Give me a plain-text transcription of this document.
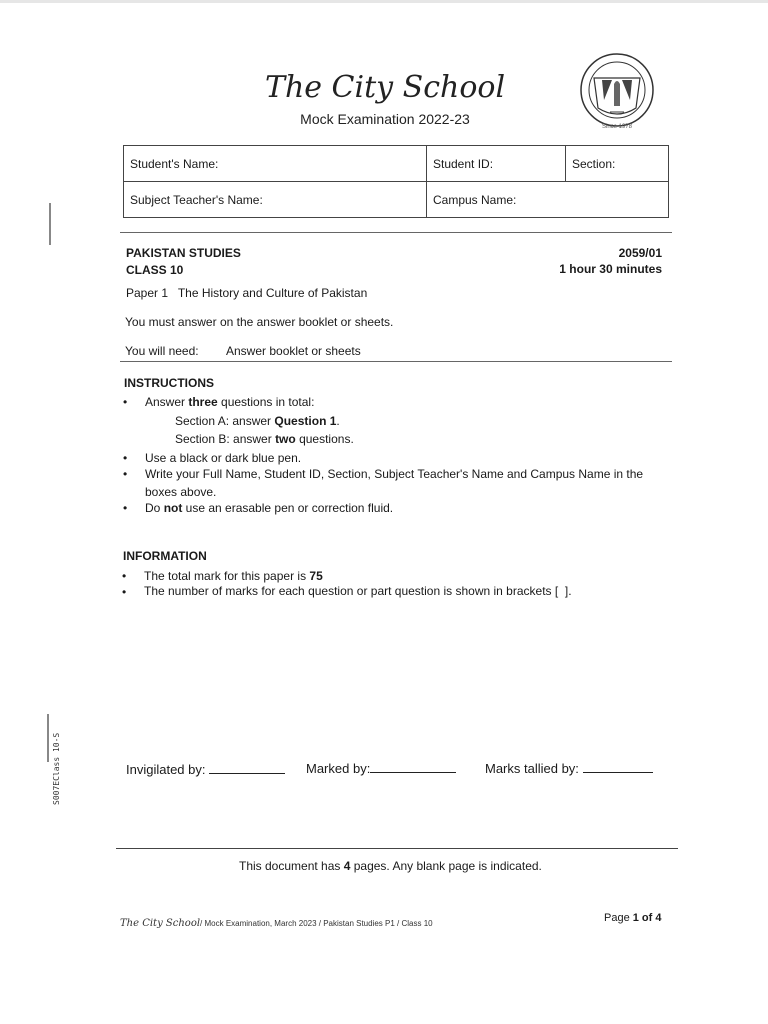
The City School
Mock Examination 2022-23	Since 1978
Student's Name:	Student ID:	Section:
Subject Teacher's Name:	Campus Name:	
PAKISTAN STUDIES	2059/01
CLASS 10	1 hour 30 minutes
Paper 1   The History and Culture of Pakistan
You must answer on the answer booklet or sheets.
You will need: Answer booklet or sheets
INSTRUCTIONS
• Answer three questions in total:
Section A: answer Question 1.
Section B: answer two questions.
• Use a black or dark blue pen.
• Write your Full Name, Student ID, Section, Subject Teacher's Name and Campus Name in the
boxes above.
• Do not use an erasable pen or correction fluid.
INFORMATION
• The total mark for this paper is 75
• The number of marks for each question or part question is shown in brackets [  ].
Invigilated by:	Marked by:	Marks tallied by:
This document has 4 pages. Any blank page is indicated.
S007EClass 10-S
The City School/ Mock Examination, March 2023 / Pakistan Studies P1 / Class 10	Page 1 of 4
